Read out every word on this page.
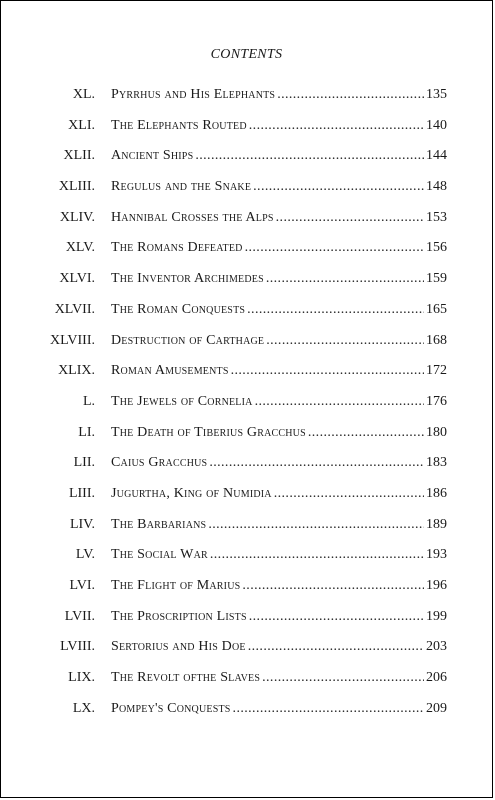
CONTENTS
XL. Pyrrhus and His Elephants .....	135
XLI. The Elephants Routed .....	140
XLII. Ancient Ships .....	144
XLIII. Regulus and the Snake .....	148
XLIV. Hannibal Crosses the Alps .....	153
XLV. The Romans Defeated .....	156
XLVI. The Inventor Archimedes .....	159
XLVII. The Roman Conquests .....	165
XLVIII. Destruction of Carthage .....	168
XLIX. Roman Amusements .....	172
L. The Jewels of Cornelia .....	176
LI. The Death of Tiberius Gracchus .....	180
LII. Caius Gracchus .....	183
LIII. Jugurtha, King of Numidia .....	186
LIV. The Barbarians .....	189
LV. The Social War .....	193
LVI. The Flight of Marius .....	196
LVII. The Proscription Lists .....	199
LVIII. Sertorius and His Doe .....	203
LIX. The Revolt ofthe Slaves .....	206
LX. Pompey's Conquests .....	209
